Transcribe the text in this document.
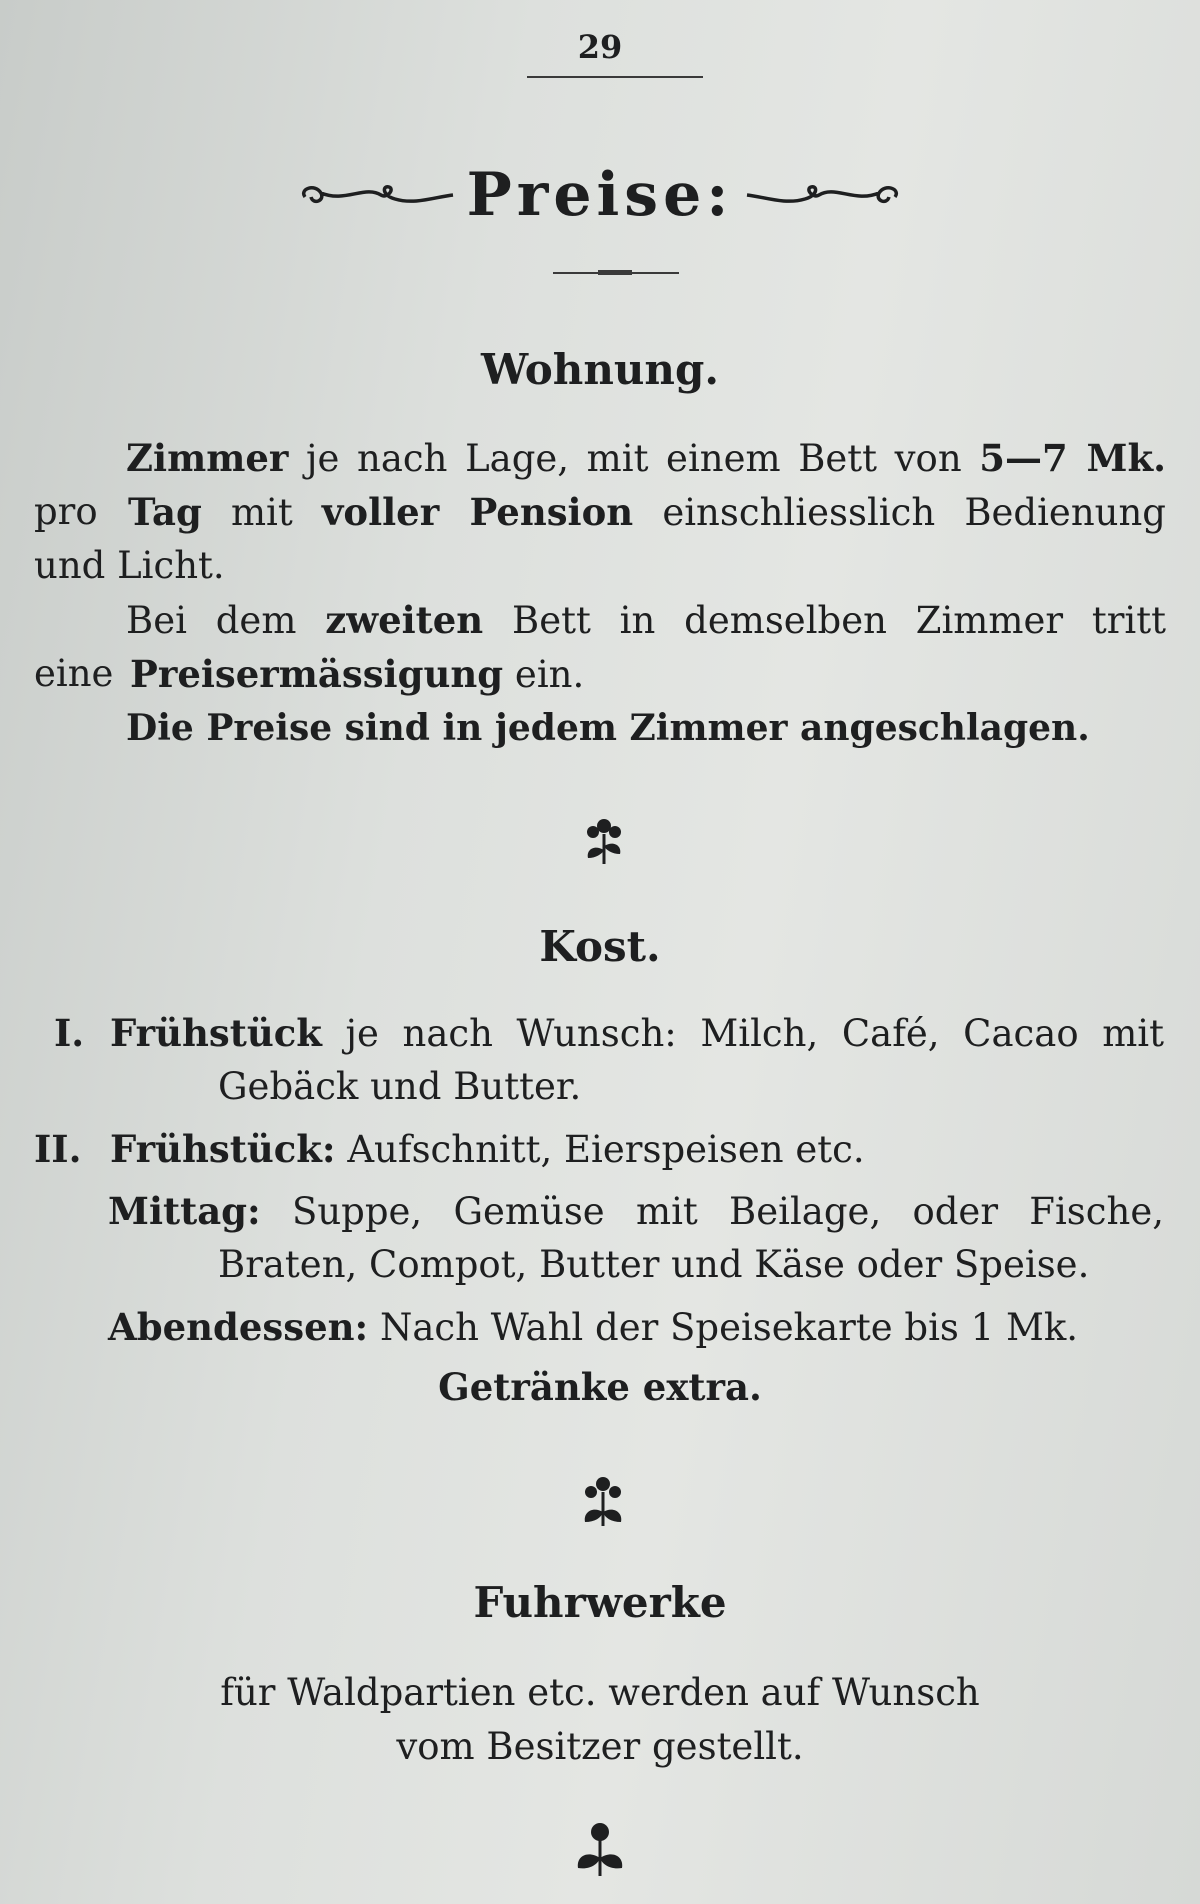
29
Preise:
Wohnung.
Zimmer je nach Lage, mit einem Bett von 5—7 Mk.
pro Tag mit voller Pension einschliesslich Bedienung
und Licht.
Bei dem zweiten Bett in demselben Zimmer tritt
eine Preisermässigung ein.
Die Preise sind in jedem Zimmer angeschlagen.
Kost.
I. Frühstück je nach Wunsch: Milch, Café, Cacao mit
Gebäck und Butter.
II. Frühstück: Aufschnitt, Eierspeisen etc.
Mittag: Suppe, Gemüse mit Beilage, oder Fische,
Braten, Compot, Butter und Käse oder Speise.
Abendessen: Nach Wahl der Speisekarte bis 1 Mk.
Getränke extra.
Fuhrwerke
für Waldpartien etc. werden auf Wunsch
vom Besitzer gestellt.
